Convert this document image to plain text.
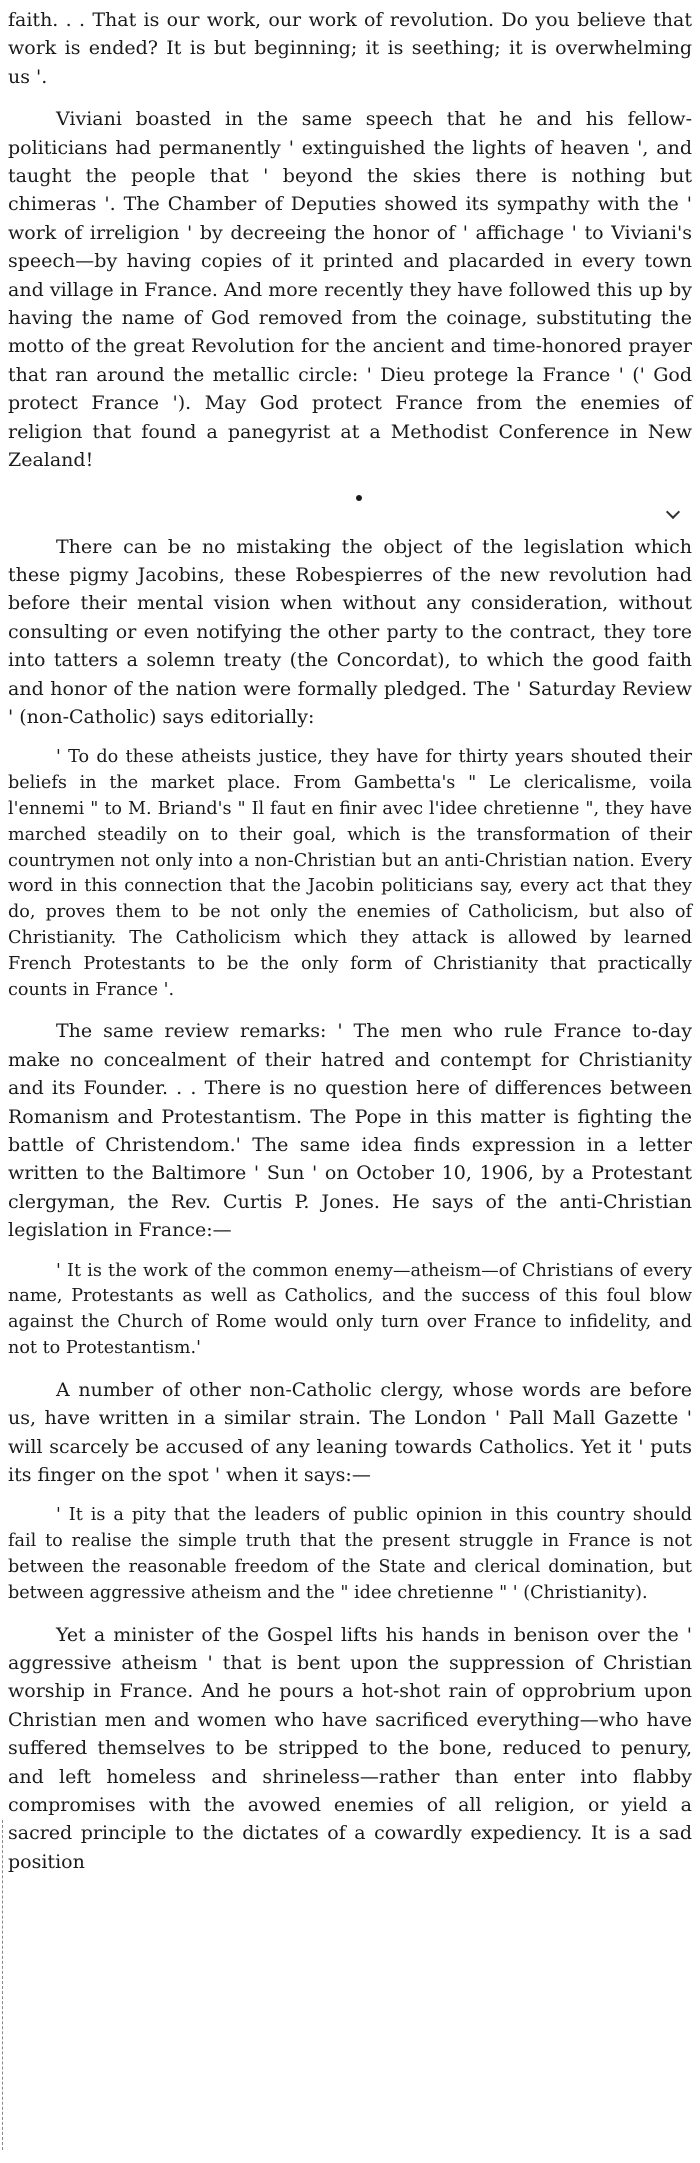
faith. . . That is our work, our work of revolution. Do you believe that work is ended? It is but beginning; it is seething; it is overwhelming us '.

Viviani boasted in the same speech that he and his fellow-politicians had permanently ' extinguished the lights of heaven ', and taught the people that ' beyond the skies there is nothing but chimeras '. The Chamber of Deputies showed its sympathy with the ' work of irreligion ' by decreeing the honor of ' affichage ' to Viviani's speech—by having copies of it printed and placarded in every town and village in France. And more recently they have followed this up by having the name of God removed from the coinage, substituting the motto of the great Revolution for the ancient and time-honored prayer that ran around the metallic circle: ' Dieu protege la France ' (' God protect France '). May God protect France from the enemies of religion that found a panegyrist at a Methodist Conference in New Zealand!

There can be no mistaking the object of the legislation which these pigmy Jacobins, these Robespierres of the new revolution had before their mental vision when without any consideration, without consulting or even notifying the other party to the contract, they tore into tatters a solemn treaty (the Concordat), to which the good faith and honor of the nation were formally pledged. The ' Saturday Review ' (non-Catholic) says editorially:

' To do these atheists justice, they have for thirty years shouted their beliefs in the market place. From Gambetta's " Le clericalisme, voila l'ennemi " to M. Briand's " Il faut en finir avec l'idee chretienne ", they have marched steadily on to their goal, which is the transformation of their countrymen not only into a non-Christian but an anti-Christian nation. Every word in this connection that the Jacobin politicians say, every act that they do, proves them to be not only the enemies of Catholicism, but also of Christianity. The Catholicism which they attack is allowed by learned French Protestants to be the only form of Christianity that practically counts in France '.

The same review remarks: ' The men who rule France to-day make no concealment of their hatred and contempt for Christianity and its Founder. . . There is no question here of differences between Romanism and Protestantism. The Pope in this matter is fighting the battle of Christendom.' The same idea finds expression in a letter written to the Baltimore ' Sun ' on October 10, 1906, by a Protestant clergyman, the Rev. Curtis P. Jones. He says of the anti-Christian legislation in France:—

' It is the work of the common enemy—atheism—of Christians of every name, Protestants as well as Catholics, and the success of this foul blow against the Church of Rome would only turn over France to infidelity, and not to Protestantism.'

A number of other non-Catholic clergy, whose words are before us, have written in a similar strain. The London ' Pall Mall Gazette ' will scarcely be accused of any leaning towards Catholics. Yet it ' puts its finger on the spot ' when it says:—

' It is a pity that the leaders of public opinion in this country should fail to realise the simple truth that the present struggle in France is not between the reasonable freedom of the State and clerical domination, but between aggressive atheism and the " idee chretienne " ' (Christianity).

Yet a minister of the Gospel lifts his hands in benison over the ' aggressive atheism ' that is bent upon the suppression of Christian worship in France. And he pours a hot-shot rain of opprobrium upon Christian men and women who have sacrificed everything—who have suffered themselves to be stripped to the bone, reduced to penury, and left homeless and shrineless—rather than enter into flabby compromises with the avowed enemies of all religion, or yield a sacred principle to the dictates of a cowardly expediency. It is a sad position
